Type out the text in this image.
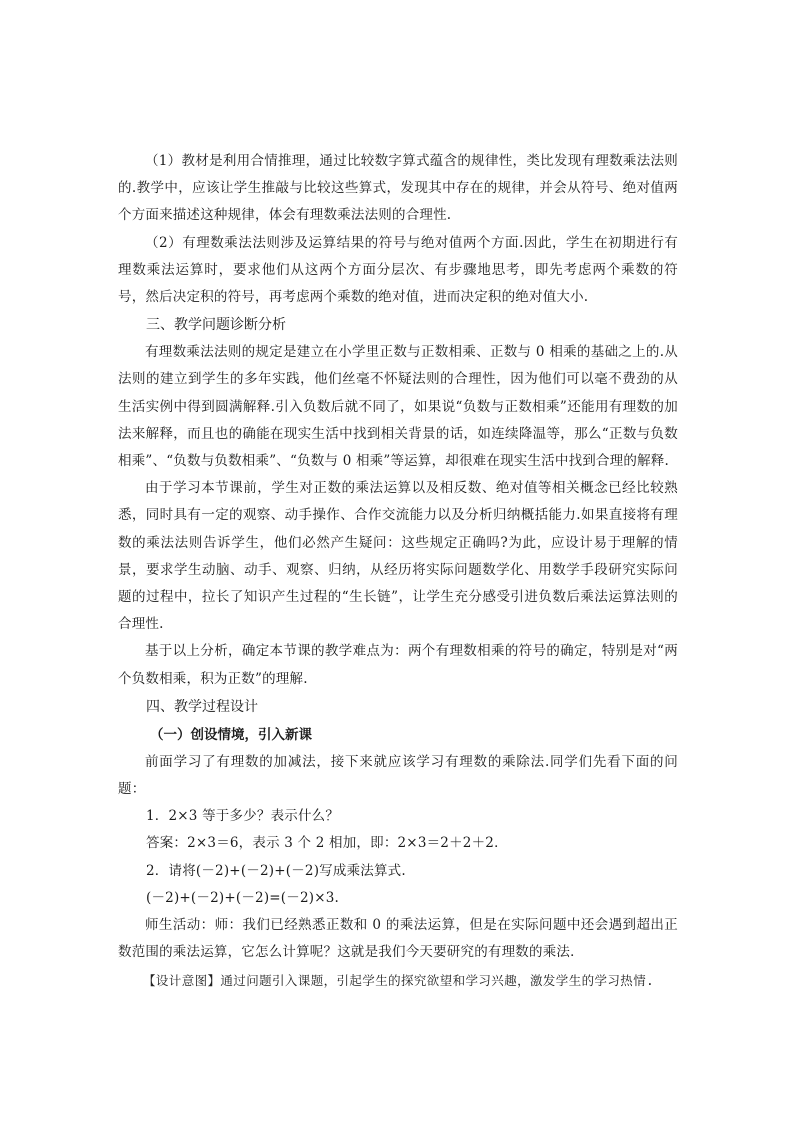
（1）教材是利用合情推理，通过比较数字算式蕴含的规律性，类比发现有理数乘法法则的.教学中，应该让学生推敲与比较这些算式，发现其中存在的规律，并会从符号、绝对值两个方面来描述这种规律，体会有理数乘法法则的合理性.

（2）有理数乘法法则涉及运算结果的符号与绝对值两个方面.因此，学生在初期进行有理数乘法运算时，要求他们从这两个方面分层次、有步骤地思考，即先考虑两个乘数的符号，然后决定积的符号，再考虑两个乘数的绝对值，进而决定积的绝对值大小.

三、教学问题诊断分析

有理数乘法法则的规定是建立在小学里正数与正数相乘、正数与 0 相乘的基础之上的.从法则的建立到学生的多年实践，他们丝毫不怀疑法则的合理性，因为他们可以毫不费劲的从生活实例中得到圆满解释.引入负数后就不同了，如果说“负数与正数相乘”还能用有理数的加法来解释，而且也的确能在现实生活中找到相关背景的话，如连续降温等，那么“正数与负数相乘”、“负数与负数相乘”、“负数与 0 相乘”等运算，却很难在现实生活中找到合理的解释.

由于学习本节课前，学生对正数的乘法运算以及相反数、绝对值等相关概念已经比较熟悉，同时具有一定的观察、动手操作、合作交流能力以及分析归纳概括能力.如果直接将有理数的乘法法则告诉学生，他们必然产生疑问：这些规定正确吗?为此，应设计易于理解的情景，要求学生动脑、动手、观察、归纳，从经历将实际问题数学化、用数学手段研究实际问题的过程中，拉长了知识产生过程的“生长链”，让学生充分感受引进负数后乘法运算法则的合理性.

基于以上分析，确定本节课的教学难点为：两个有理数相乘的符号的确定，特别是对“两个负数相乘，积为正数”的理解.

四、教学过程设计

（一）创设情境，引入新课

前面学习了有理数的加减法，接下来就应该学习有理数的乘除法.同学们先看下面的问题：

1．2×3 等于多少？表示什么？

答案：2×3＝6，表示 3 个 2 相加，即：2×3＝2＋2＋2．

2．请将(－2)+(－2)+(－2)写成乘法算式.

(－2)+(－2)+(－2)=(－2)×3.

师生活动：师：我们已经熟悉正数和 0 的乘法运算，但是在实际问题中还会遇到超出正数范围的乘法运算，它怎么计算呢？这就是我们今天要研究的有理数的乘法．

【设计意图】通过问题引入课题，引起学生的探究欲望和学习兴趣，激发学生的学习热情.
